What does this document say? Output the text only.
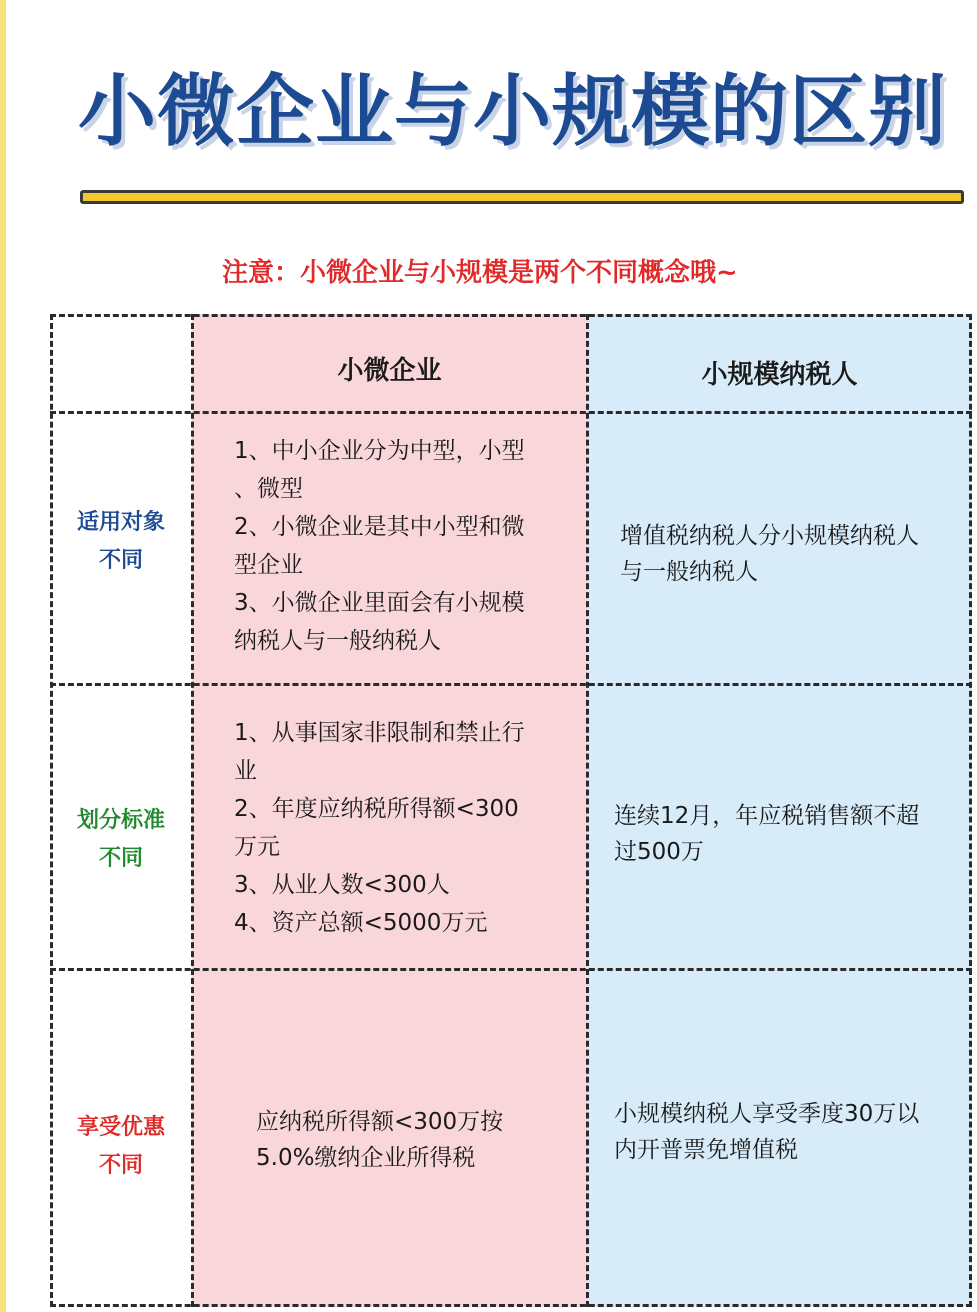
小微企业与小规模的区别
注意：小微企业与小规模是两个不同概念哦~
小微企业	小规模纳税人
适用对象
不同
1、中小企业分为中型，小型
、微型
2、小微企业是其中小型和微
型企业
3、小微企业里面会有小规模
纳税人与一般纳税人
增值税纳税人分小规模纳税人
与一般纳税人
划分标准
不同
1、从事国家非限制和禁止行
业
2、年度应纳税所得额<300
万元
3、从业人数<300人
4、资产总额<5000万元
连续12月，年应税销售额不超
过500万
享受优惠
不同
应纳税所得额<300万按
5.0%缴纳企业所得税
小规模纳税人享受季度30万以
内开普票免增值税
